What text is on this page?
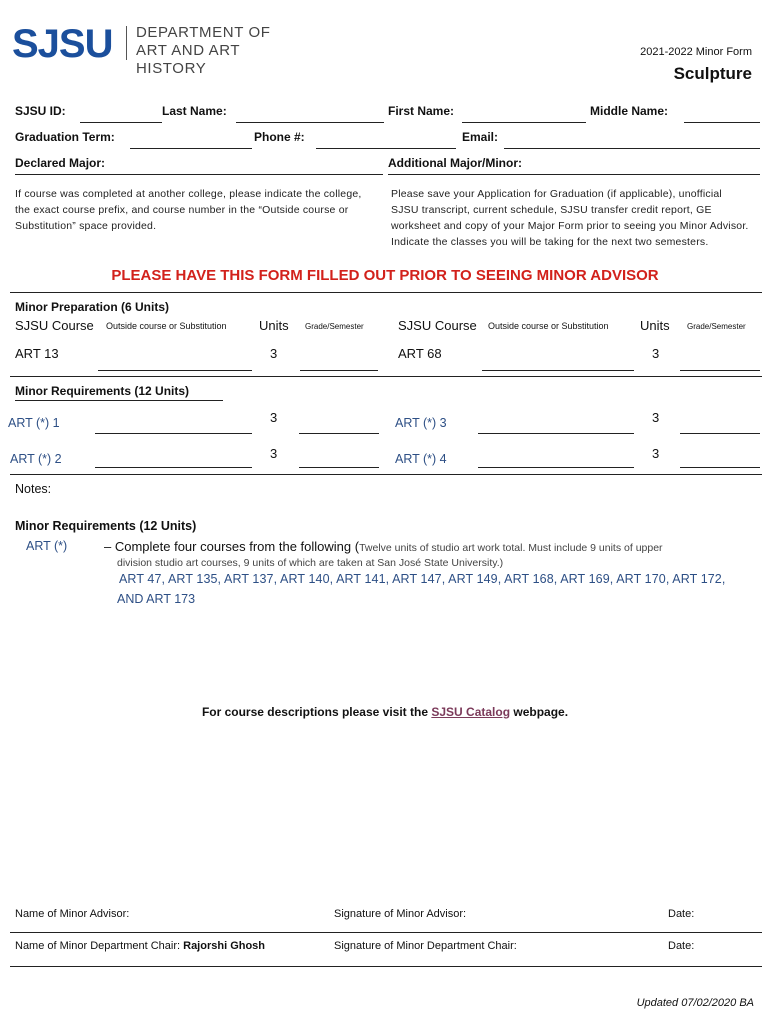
SJSU DEPARTMENT OF
ART AND ART HISTORY
2021-2022 Minor Form
Sculpture
SJSU ID:	Last Name:	First Name:	Middle Name:
Graduation Term:	Phone #:	Email:
Declared Major:	Additional Major/Minor:
If course was completed at another college, please indicate the college, the exact course prefix, and course number in the “Outside course or Substitution” space provided.
Please save your Application for Graduation (if applicable), unofficial SJSU transcript, current schedule, SJSU transfer credit report, GE worksheet and copy of your Major Form prior to seeing you Minor Advisor. Indicate the classes you will be taking for the next two semesters.
PLEASE HAVE THIS FORM FILLED OUT PRIOR TO SEEING MINOR ADVISOR
Minor Preparation (6 Units)
SJSU Course Outside course or Substitution Units Grade/Semester	SJSU Course Outside course or Substitution Units Grade/Semester
ART 13	3	ART 68	3
Minor Requirements (12 Units)
ART (*) 1	3	ART (*) 3	3
ART (*) 2	3	ART (*) 4	3
Notes:
Minor Requirements (12 Units)
ART (*)	– Complete four courses from the following (Twelve units of studio art work total. Must include 9 units of upper
division studio art courses, 9 units of which are taken at San José State University.)
ART 47, ART 135, ART 137, ART 140, ART 141, ART 147, ART 149, ART 168, ART 169, ART 170, ART 172,
AND ART 173
For course descriptions please visit the SJSU Catalog webpage.
Name of Minor Advisor:	Signature of Minor Advisor:	Date:
Name of Minor Department Chair: Rajorshi Ghosh	Signature of Minor Department Chair:	Date:
Updated 07/02/2020 BA
